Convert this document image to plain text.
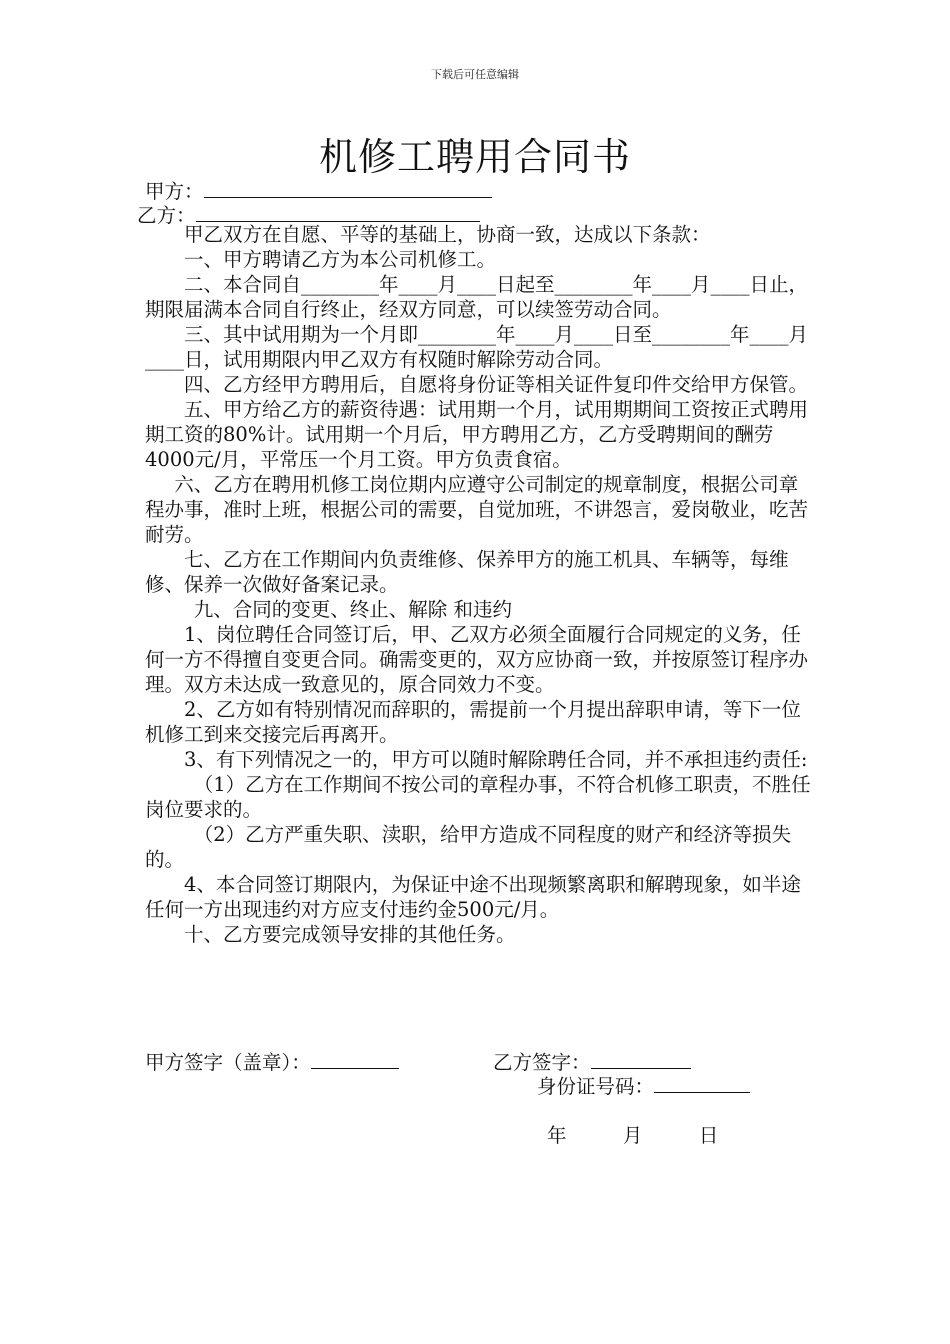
下载后可任意编辑
机修工聘用合同书
甲方：
乙方：

甲乙双方在自愿、平等的基础上，协商一致，达成以下条款：

一、甲方聘请乙方为本公司机修工。

二、本合同自________年____月____日起至________年____月____日止，期限届满本合同自行终止，经双方同意，可以续签劳动合同。

三、其中试用期为一个月即________年____月____日至________年____月____日，试用期限内甲乙双方有权随时解除劳动合同。

四、乙方经甲方聘用后，自愿将身份证等相关证件复印件交给甲方保管。

五、甲方给乙方的薪资待遇：试用期一个月，试用期期间工资按正式聘用期工资的80%计。试用期一个月后，甲方聘用乙方，乙方受聘期间的酬劳4000元/月，平常压一个月工资。甲方负责食宿。

六、乙方在聘用机修工岗位期内应遵守公司制定的规章制度，根据公司章程办事，准时上班，根据公司的需要，自觉加班，不讲怨言，爱岗敬业，吃苦耐劳。

七、乙方在工作期间内负责维修、保养甲方的施工机具、车辆等，每维修、保养一次做好备案记录。

九、合同的变更、终止、解除 和违约

1、岗位聘任合同签订后，甲、乙双方必须全面履行合同规定的义务，任何一方不得擅自变更合同。确需变更的，双方应协商一致，并按原签订程序办理。双方未达成一致意见的，原合同效力不变。

2、乙方如有特别情况而辞职的，需提前一个月提出辞职申请，等下一位机修工到来交接完后再离开。

3、有下列情况之一的，甲方可以随时解除聘任合同，并不承担违约责任:

（1）乙方在工作期间不按公司的章程办事，不符合机修工职责，不胜任岗位要求的。

（2）乙方严重失职、渎职，给甲方造成不同程度的财产和经济等损失的。

4、本合同签订期限内，为保证中途不出现频繁离职和解聘现象，如半途任何一方出现违约对方应支付违约金500元/月。

十、乙方要完成领导安排的其他任务。

甲方签字（盖章）：	乙方签字：
身份证号码：
年	月	日
